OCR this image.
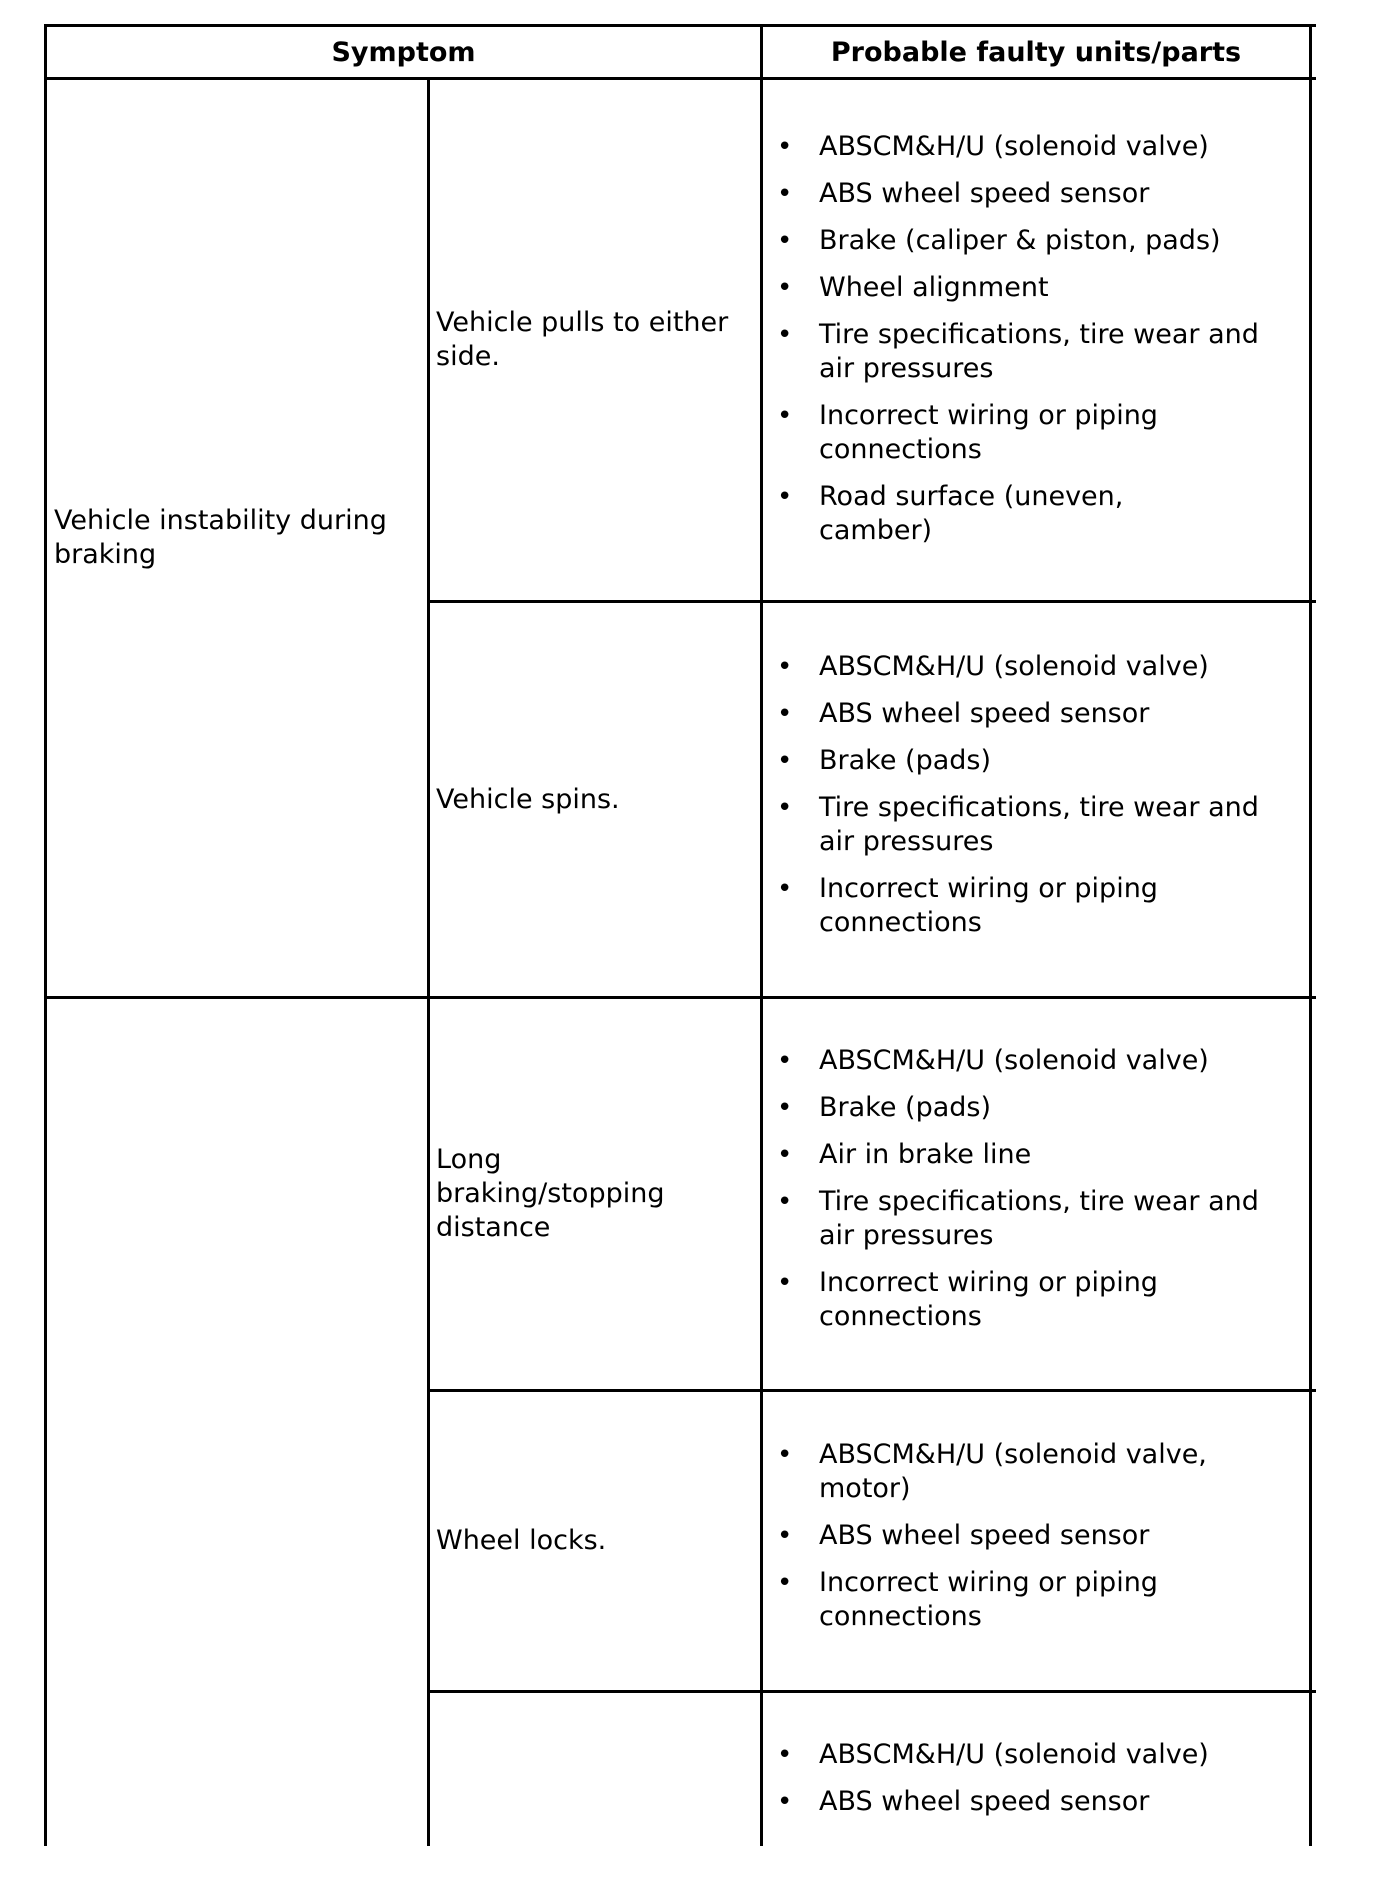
Symptom	Probable faulty units/parts
Vehicle instability during braking
Vehicle pulls to either side.
• ABSCM&H/U (solenoid valve)
• ABS wheel speed sensor
• Brake (caliper & piston, pads)
• Wheel alignment
• Tire specifications, tire wear and air pressures
• Incorrect wiring or piping connections
• Road surface (uneven, camber)
Vehicle spins.
• ABSCM&H/U (solenoid valve)
• ABS wheel speed sensor
• Brake (pads)
• Tire specifications, tire wear and air pressures
• Incorrect wiring or piping connections
Long braking/stopping distance
• ABSCM&H/U (solenoid valve)
• Brake (pads)
• Air in brake line
• Tire specifications, tire wear and air pressures
• Incorrect wiring or piping connections
Wheel locks.
• ABSCM&H/U (solenoid valve, motor)
• ABS wheel speed sensor
• Incorrect wiring or piping connections
• ABSCM&H/U (solenoid valve)
• ABS wheel speed sensor
